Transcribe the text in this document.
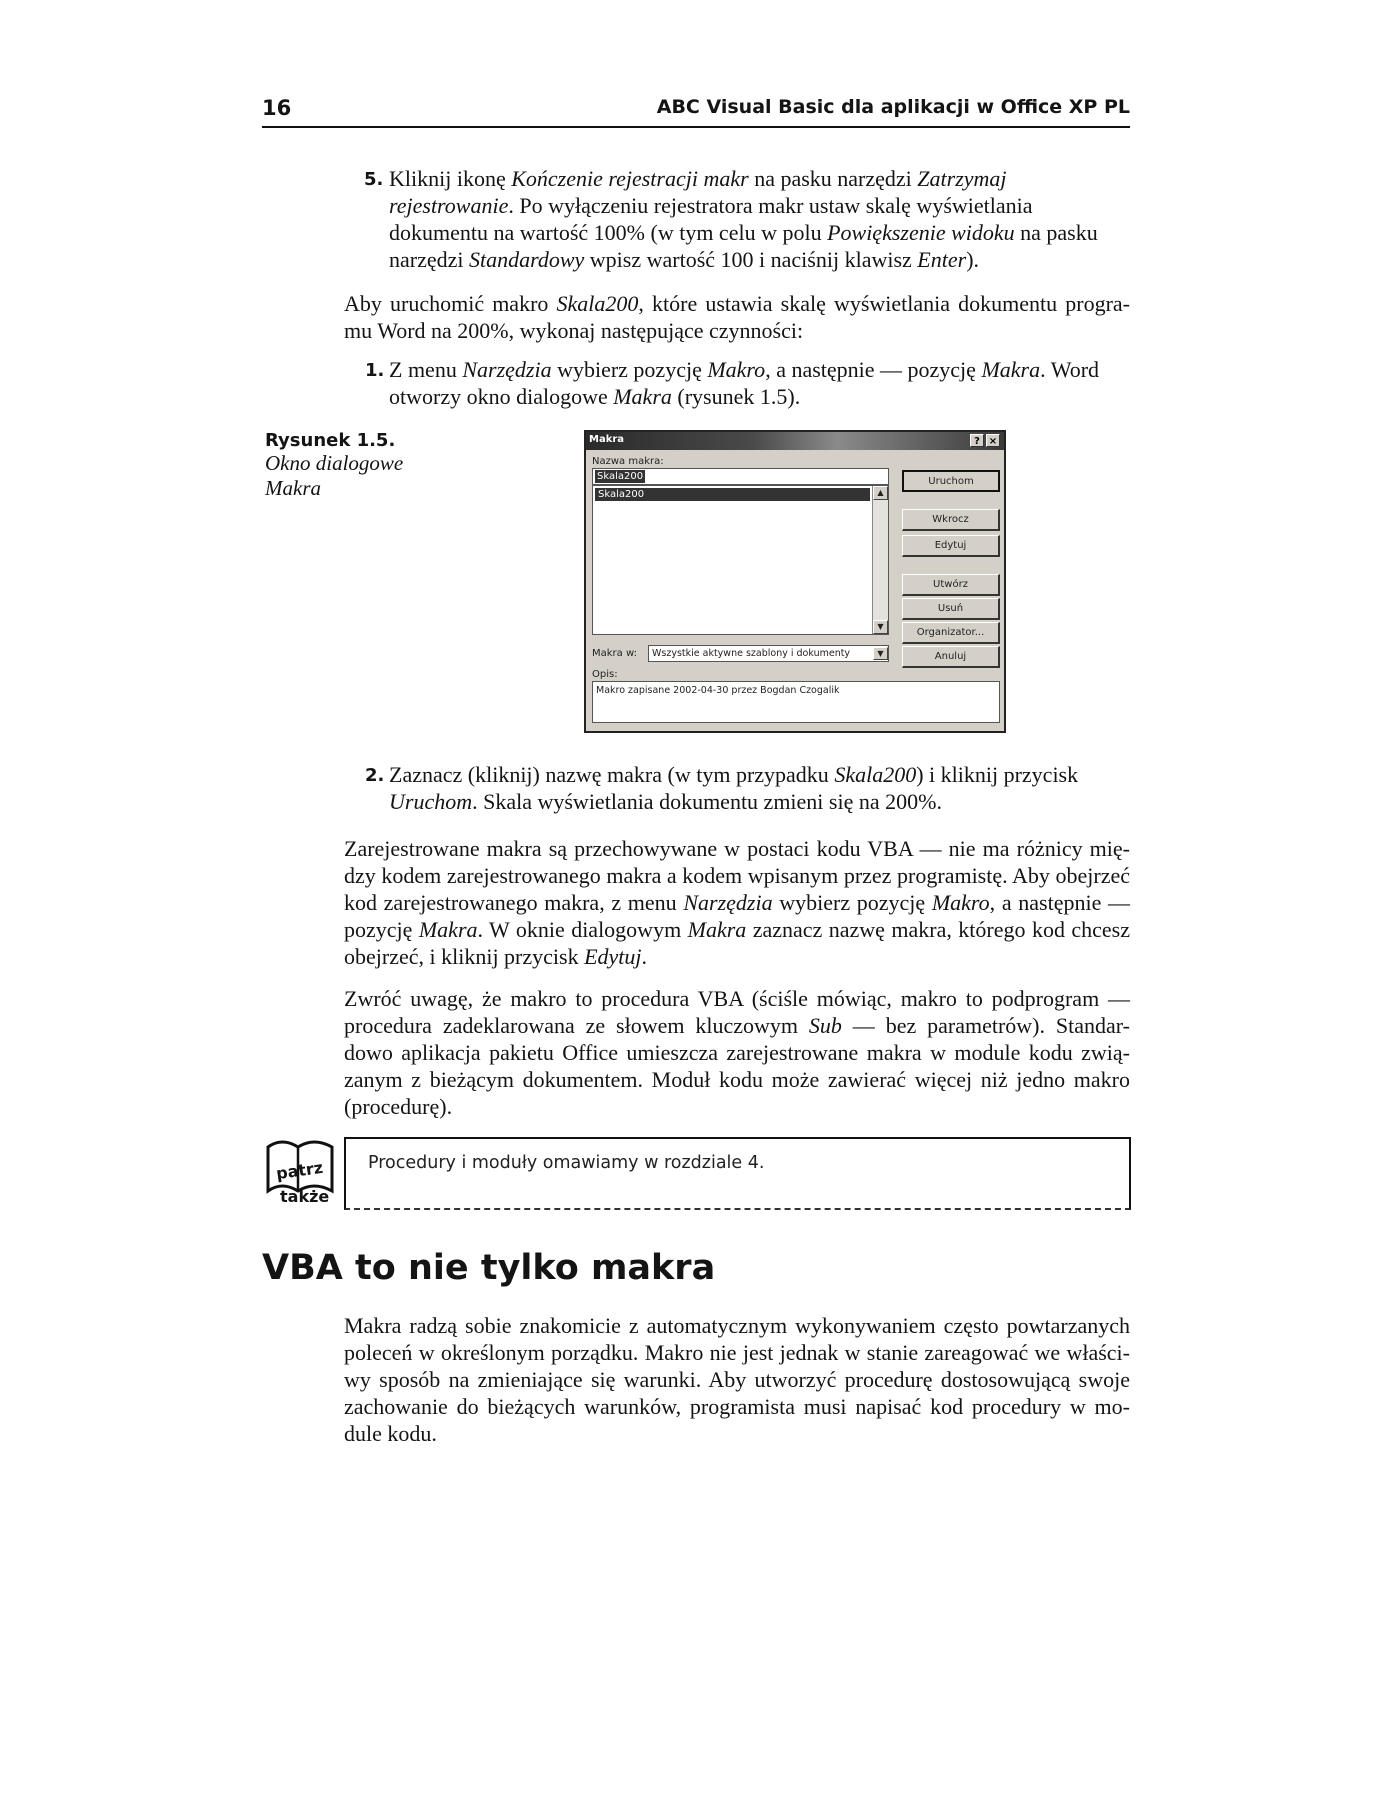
16	ABC Visual Basic dla aplikacji w Office XP PL
5. Kliknij ikonę Kończenie rejestracji makr na pasku narzędzi Zatrzymaj rejestrowanie. Po wyłączeniu rejestratora makr ustaw skalę wyświetlania dokumentu na wartość 100% (w tym celu w polu Powiększenie widoku na pasku narzędzi Standardowy wpisz wartość 100 i naciśnij klawisz Enter).
Aby uruchomić makro Skala200, które ustawia skalę wyświetlania dokumentu progra-mu Word na 200%, wykonaj następujące czynności:
1. Z menu Narzędzia wybierz pozycję Makro, a następnie — pozycję Makra. Word otworzy okno dialogowe Makra (rysunek 1.5).
Rysunek 1.5.
Okno dialogowe
Makra
Makra	? ×
Nazwa makra:
Skala200
Skala200	▲
▼
Uruchom
Wkrocz
Edytuj
Utwórz
Usuń
Organizator...
Makra w: Wszystkie aktywne szablony i dokumenty	▼	Anuluj
Opis:
Makro zapisane 2002-04-30 przez Bogdan Czogalik
2. Zaznacz (kliknij) nazwę makra (w tym przypadku Skala200) i kliknij przycisk Uruchom. Skala wyświetlania dokumentu zmieni się na 200%.
Zarejestrowane makra są przechowywane w postaci kodu VBA — nie ma różnicy mię-dzy kodem zarejestrowanego makra a kodem wpisanym przez programistę. Aby obejrzeć kod zarejestrowanego makra, z menu Narzędzia wybierz pozycję Makro, a następnie — pozycję Makra. W oknie dialogowym Makra zaznacz nazwę makra, którego kod chcesz obejrzeć, i kliknij przycisk Edytuj.
Zwróć uwagę, że makro to procedura VBA (ściśle mówiąc, makro to podprogram — procedura zadeklarowana ze słowem kluczowym Sub — bez parametrów). Standar-dowo aplikacja pakietu Office umieszcza zarejestrowane makra w module kodu zwią-zanym z bieżącym dokumentem. Moduł kodu może zawierać więcej niż jedno makro (procedurę).
patrz
także
Procedury i moduły omawiamy w rozdziale 4.
VBA to nie tylko makra
Makra radzą sobie znakomicie z automatycznym wykonywaniem często powtarzanych poleceń w określonym porządku. Makro nie jest jednak w stanie zareagować we właści-wy sposób na zmieniające się warunki. Aby utworzyć procedurę dostosowującą swoje zachowanie do bieżących warunków, programista musi napisać kod procedury w mo-dule kodu.
